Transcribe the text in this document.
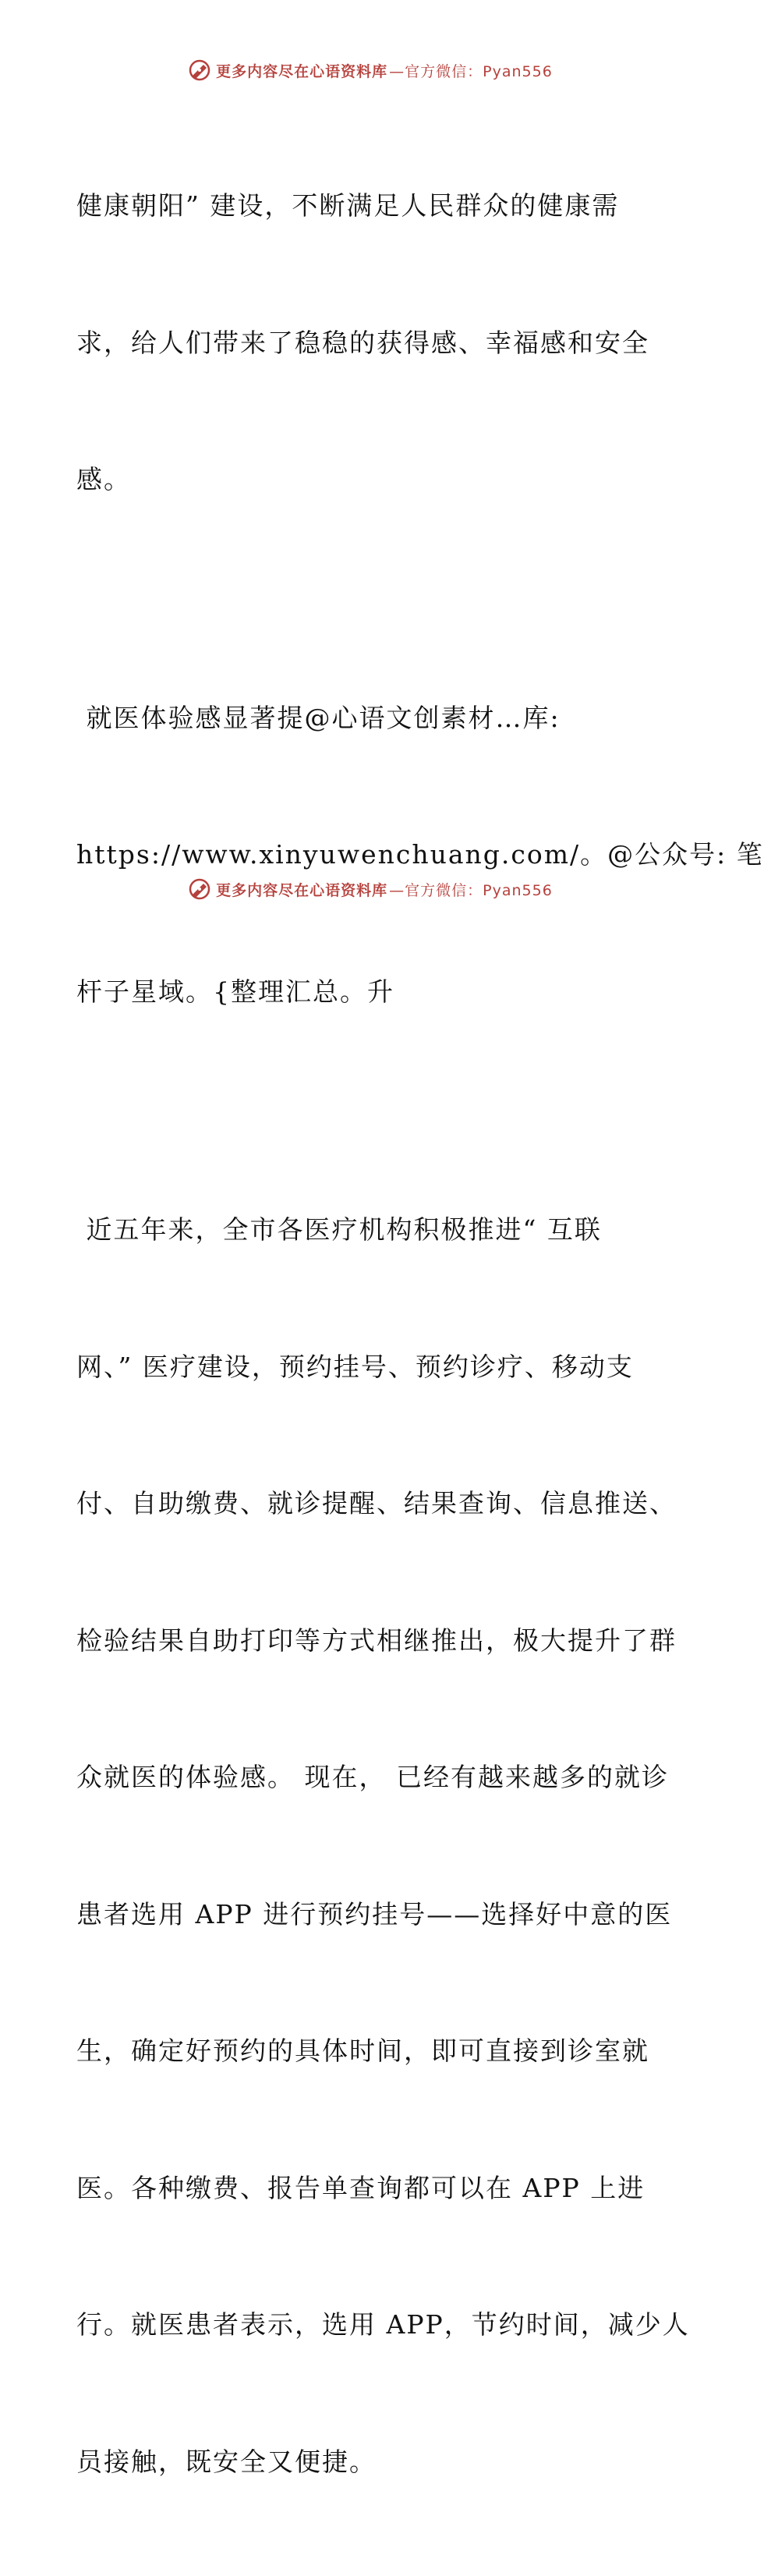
更多内容尽在心语资料库 —官方微信：Pyan556

健康朝阳” 建设，不断满足人民群众的健康需

求，给人们带来了稳稳的获得感、幸福感和安全

感。

就医体验感显著提@心语文创素材…库:

https://www.xinyuwenchuang.com/。@公众号: 笔

杆子星域。{整理汇总。升

近五年来，全市各医疗机构积极推进“ 互联

网、” 医疗建设，预约挂号、预约诊疗、移动支

付、自助缴费、就诊提醒、结果查询、信息推送、

检验结果自助打印等方式相继推出，极大提升了群

众就医的体验感。 现在， 已经有越来越多的就诊

患者选用 APP 进行预约挂号——选择好中意的医

生，确定好预约的具体时间，即可直接到诊室就

医。各种缴费、报告单查询都可以在 APP 上进

行。就医患者表示，选用 APP，节约时间，减少人

员接触，既安全又便捷。

更多内容尽在心语资料库 —官方微信：Pyan556
